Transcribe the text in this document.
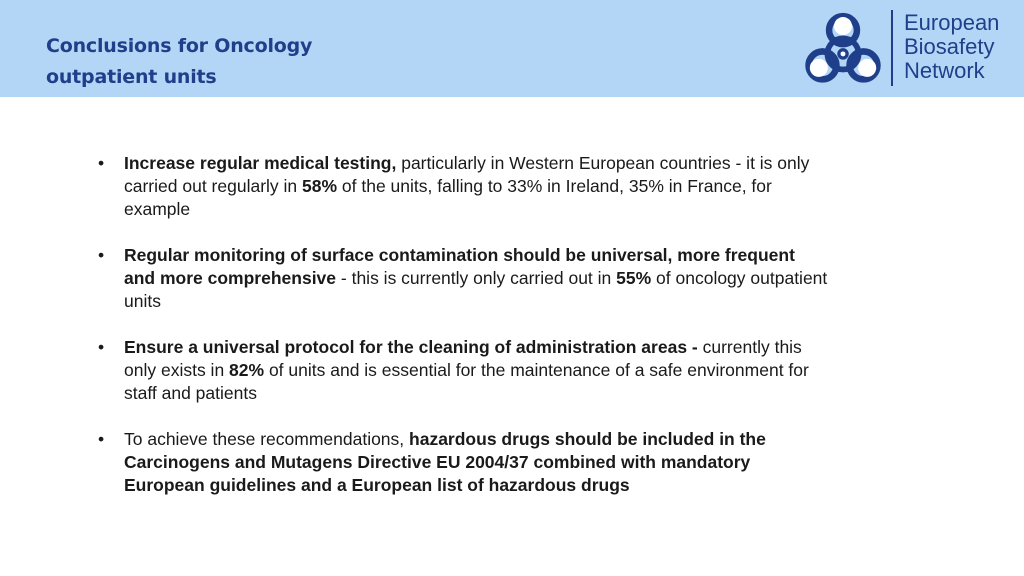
Conclusions for Oncology
outpatient units
European
Biosafety
Network
• Increase regular medical testing, particularly in Western European countries - it is only carried out regularly in 58% of the units, falling to 33% in Ireland, 35% in France, for example
• Regular monitoring of surface contamination should be universal, more frequent and more comprehensive - this is currently only carried out in 55% of oncology outpatient units
• Ensure a universal protocol for the cleaning of administration areas - currently this only exists in 82% of units and is essential for the maintenance of a safe environment for staff and patients
• To achieve these recommendations, hazardous drugs should be included in the Carcinogens and Mutagens Directive EU 2004/37 combined with mandatory European guidelines and a European list of hazardous drugs
